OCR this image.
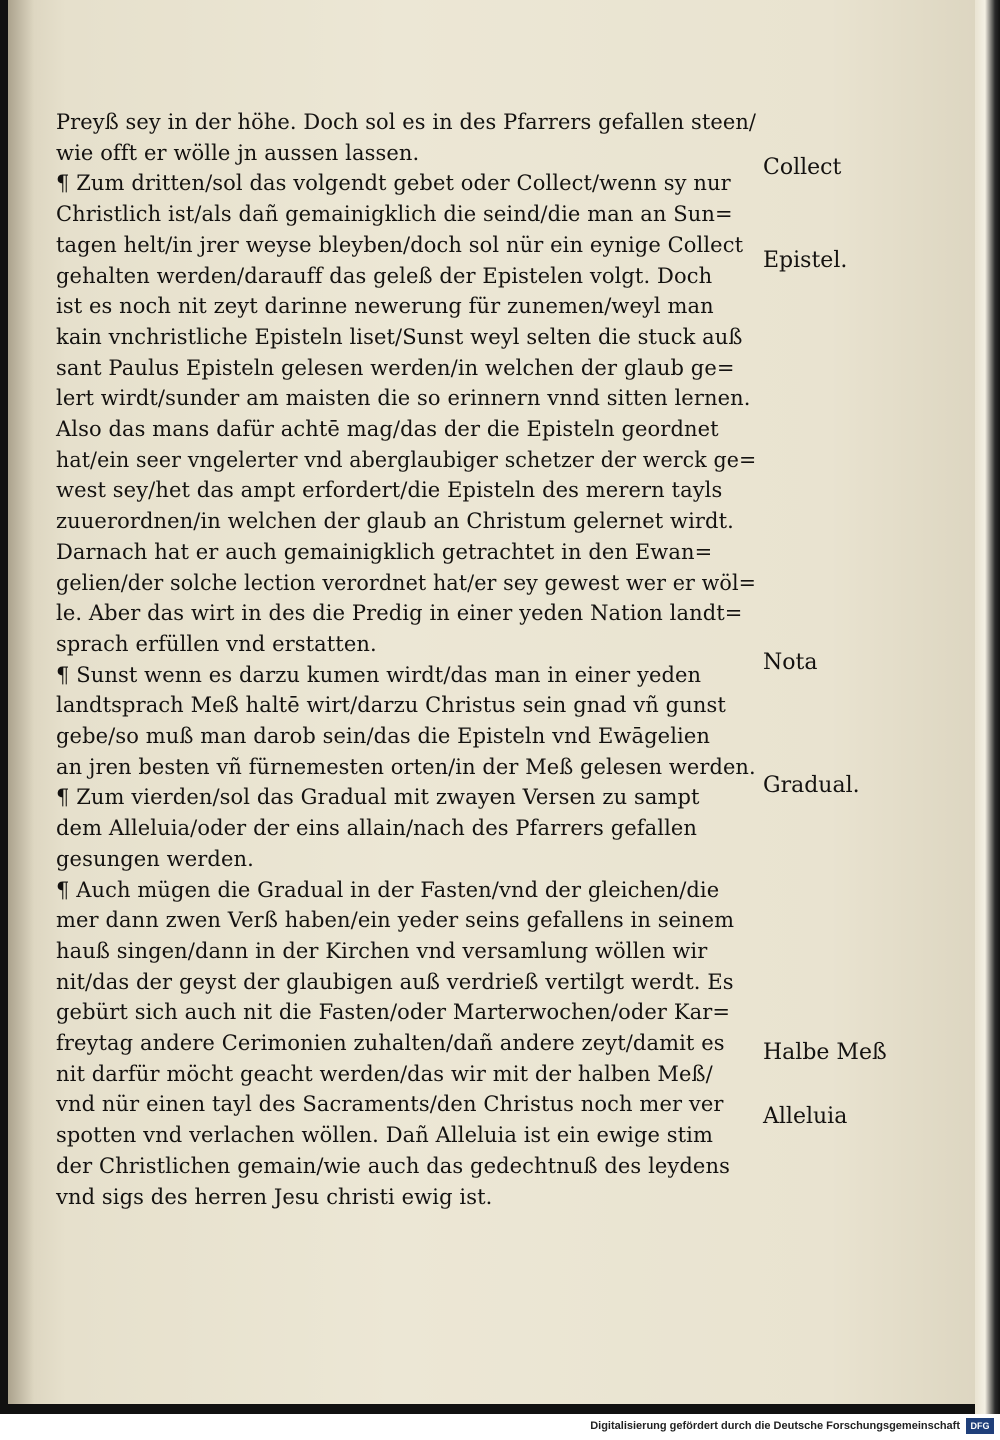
Preyß sey in der höhe. Doch sol es in des Pfarrers gefallen steen/
wie offt er wölle jn aussen lassen.
¶ Zum dritten/sol das volgendt gebet oder Collect/wenn sy nur
Christlich ist/als dañ gemainigklich die seind/die man an Sun=
tagen helt/in jrer weyse bleyben/doch sol nür ein eynige Collect
gehalten werden/darauff das geleß der Epistelen volgt. Doch
ist es noch nit zeyt darinne newerung für zunemen/weyl man
kain vnchristliche Episteln liset/Sunst weyl selten die stuck auß
sant Paulus Episteln gelesen werden/in welchen der glaub ge=
lert wirdt/sunder am maisten die so erinnern vnnd sitten lernen.
Also das mans dafür achtē mag/das der die Episteln geordnet
hat/ein seer vngelerter vnd aberglaubiger schetzer der werck ge=
west sey/het das ampt erfordert/die Episteln des merern tayls
zuuerordnen/in welchen der glaub an Christum gelernet wirdt.
Darnach hat er auch gemainigklich getrachtet in den Ewan=
gelien/der solche lection verordnet hat/er sey gewest wer er wöl=
le. Aber das wirt in des die Predig in einer yeden Nation landt=
sprach erfüllen vnd erstatten.
¶ Sunst wenn es darzu kumen wirdt/das man in einer yeden
landtsprach Meß haltē wirt/darzu Christus sein gnad vñ gunst
gebe/so muß man darob sein/das die Episteln vnd Ewāgelien
an jren besten vñ fürnemesten orten/in der Meß gelesen werden.
¶ Zum vierden/sol das Gradual mit zwayen Versen zu sampt
dem Alleluia/oder der eins allain/nach des Pfarrers gefallen
gesungen werden.
¶ Auch mügen die Gradual in der Fasten/vnd der gleichen/die
mer dann zwen Verß haben/ein yeder seins gefallens in seinem
hauß singen/dann in der Kirchen vnd versamlung wöllen wir
nit/das der geyst der glaubigen auß verdrieß vertilgt werdt. Es
gebürt sich auch nit die Fasten/oder Marterwochen/oder Kar=
freytag andere Cerimonien zuhalten/dañ andere zeyt/damit es
nit darfür möcht geacht werden/das wir mit der halben Meß/
vnd nür einen tayl des Sacraments/den Christus noch mer ver
spotten vnd verlachen wöllen. Dañ Alleluia ist ein ewige stim
der Christlichen gemain/wie auch das gedechtnuß des leydens
vnd sigs des herren Jesu christi ewig ist.
Collect
Epistel.
Nota
Gradual.
Halbe Meß
Alleluia
Digitalisierung gefördert durch die Deutsche Forschungsgemeinschaft	DFG
